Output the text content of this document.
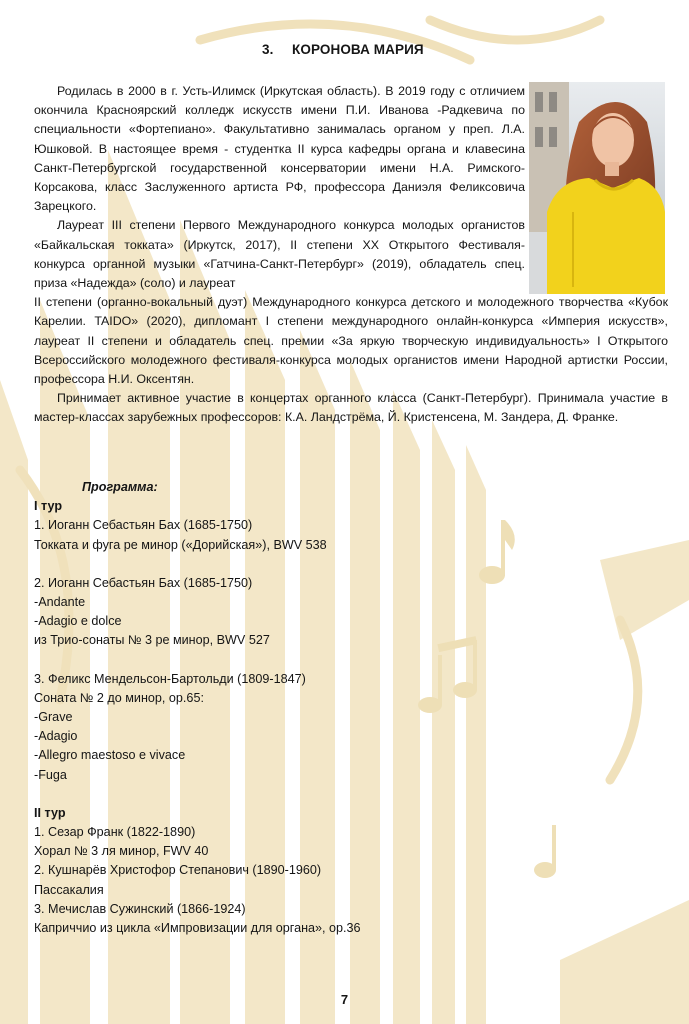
3. КОРОНОВА МАРИЯ

Родилась в 2000 в г. Усть-Илимск (Иркутская область). В 2019 году с отличием окончила Красноярский колледж искусств имени П.И. Иванова -Радкевича по специальности «Фортепиано». Факультативно занималась органом у преп. Л.А. Юшковой. В настоящее время - студентка II курса кафедры органа и клавесина Санкт-Петербургской государственной консерватории имени Н.А. Римского-Корсакова, класс Заслуженного артиста РФ, профессора Даниэля Феликсовича Зарецкого.

Лауреат III степени Первого Международного конкурса молодых органистов «Байкальская токката» (Иркутск, 2017), II степени XX Открытого Фестиваля-конкурса органной музыки «Гатчина-Санкт-Петербург» (2019), обладатель спец. приза «Надежда» (соло) и лауреат

II степени (органно-вокальный дуэт) Международного конкурса детского и молодежного творчества «Кубок Карелии. TAIDO» (2020), дипломант I степени международного онлайн-конкурса «Империя искусств», лауреат II степени и обладатель спец. премии «За яркую творческую индивидуальность» I Открытого Всероссийского молодежного фестиваля-конкурса молодых органистов имени Народной артистки России, профессора Н.И. Оксентян.

Принимает активное участие в концертах органного класса (Санкт-Петербург). Принимала участие в мастер-классах зарубежных профессоров: К.А. Ландстрёма, Й. Кристенсена, М. Зандера, Д. Франке.

Программа:
I тур
1. Иоганн Себастьян Бах (1685-1750)
Токката и фуга ре минор («Дорийская»), BWV 538
2. Иоганн Себастьян Бах (1685-1750)
-Andante
-Adagio e dolce
из Трио-сонаты № 3 ре минор, BWV 527
3. Феликс Мендельсон-Бартольди (1809-1847)
Соната № 2 до минор, op.65:
-Grave
-Adagio
-Allegro maestoso e vivace
-Fuga
II тур
1. Сезар Франк (1822-1890)
Хорал № 3 ля минор, FWV 40
2. Кушнарёв Христофор Степанович (1890-1960)
Пассакалия
3. Мечислав Сужинский (1866-1924)
Каприччио из цикла «Импровизации для органа», op.36

7
